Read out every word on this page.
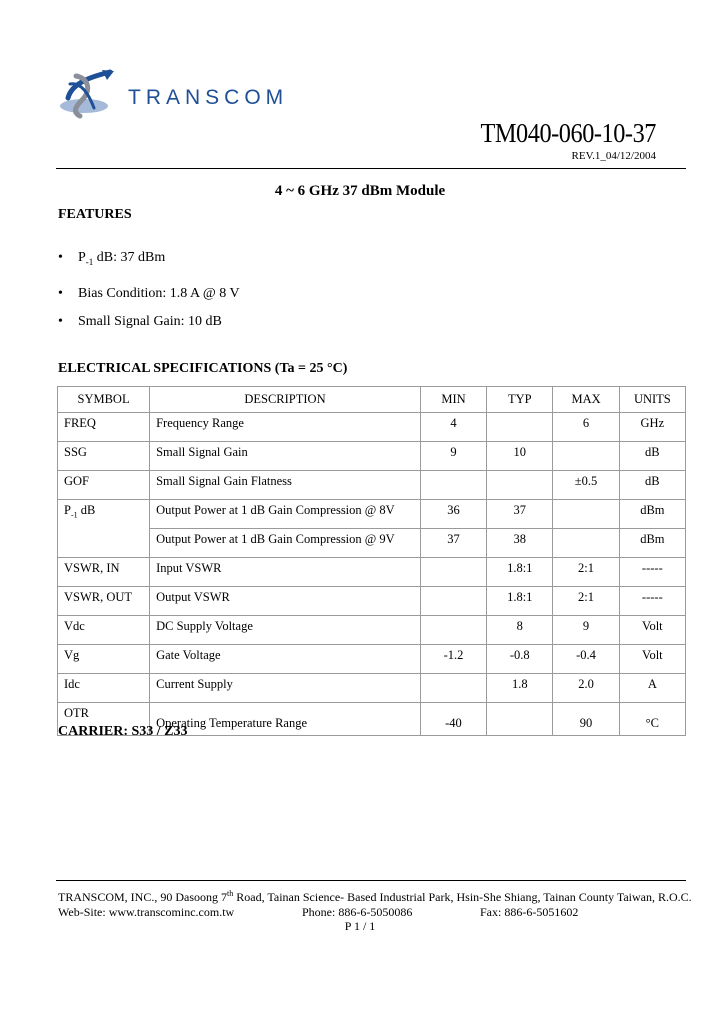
TRANSCOM
TM040-060-10-37
REV.1_04/12/2004
4 ~ 6 GHz 37 dBm Module
FEATURES
• $P_{-1}$ dB: 37 dBm
• Bias Condition: 1.8 A @ 8 V
• Small Signal Gain: 10 dB
ELECTRICAL SPECIFICATIONS (Ta = 25 °C)
SYMBOL	DESCRIPTION	MIN	TYP	MAX	UNITS
FREQ	Frequency Range	4		6	GHz
SSG	Small Signal Gain	9	10		dB
GOF	Small Signal Gain Flatness			±0.5	dB
$P_{-1}$ dB	Output Power at 1 dB Gain Compression @ 8V	36	37		dBm
	Output Power at 1 dB Gain Compression @ 9V	37	38		dBm
VSWR, IN	Input VSWR		1.8:1	2:1	-----
VSWR, OUT	Output VSWR		1.8:1	2:1	-----
Vdc	DC Supply Voltage		8	9	Volt
Vg	Gate Voltage	-1.2	-0.8	-0.4	Volt
Idc	Current Supply		1.8	2.0	A
OTR	Operating Temperature Range	-40		90	°C
CARRIER: S33 / Z33
TRANSCOM, INC., 90 Dasoong 7th Road, Tainan Science- Based Industrial Park, Hsin-She Shiang, Tainan County Taiwan, R.O.C.
Web-Site: www.transcominc.com.tw	Phone: 886-6-5050086	Fax: 886-6-5051602
P 1 / 1
